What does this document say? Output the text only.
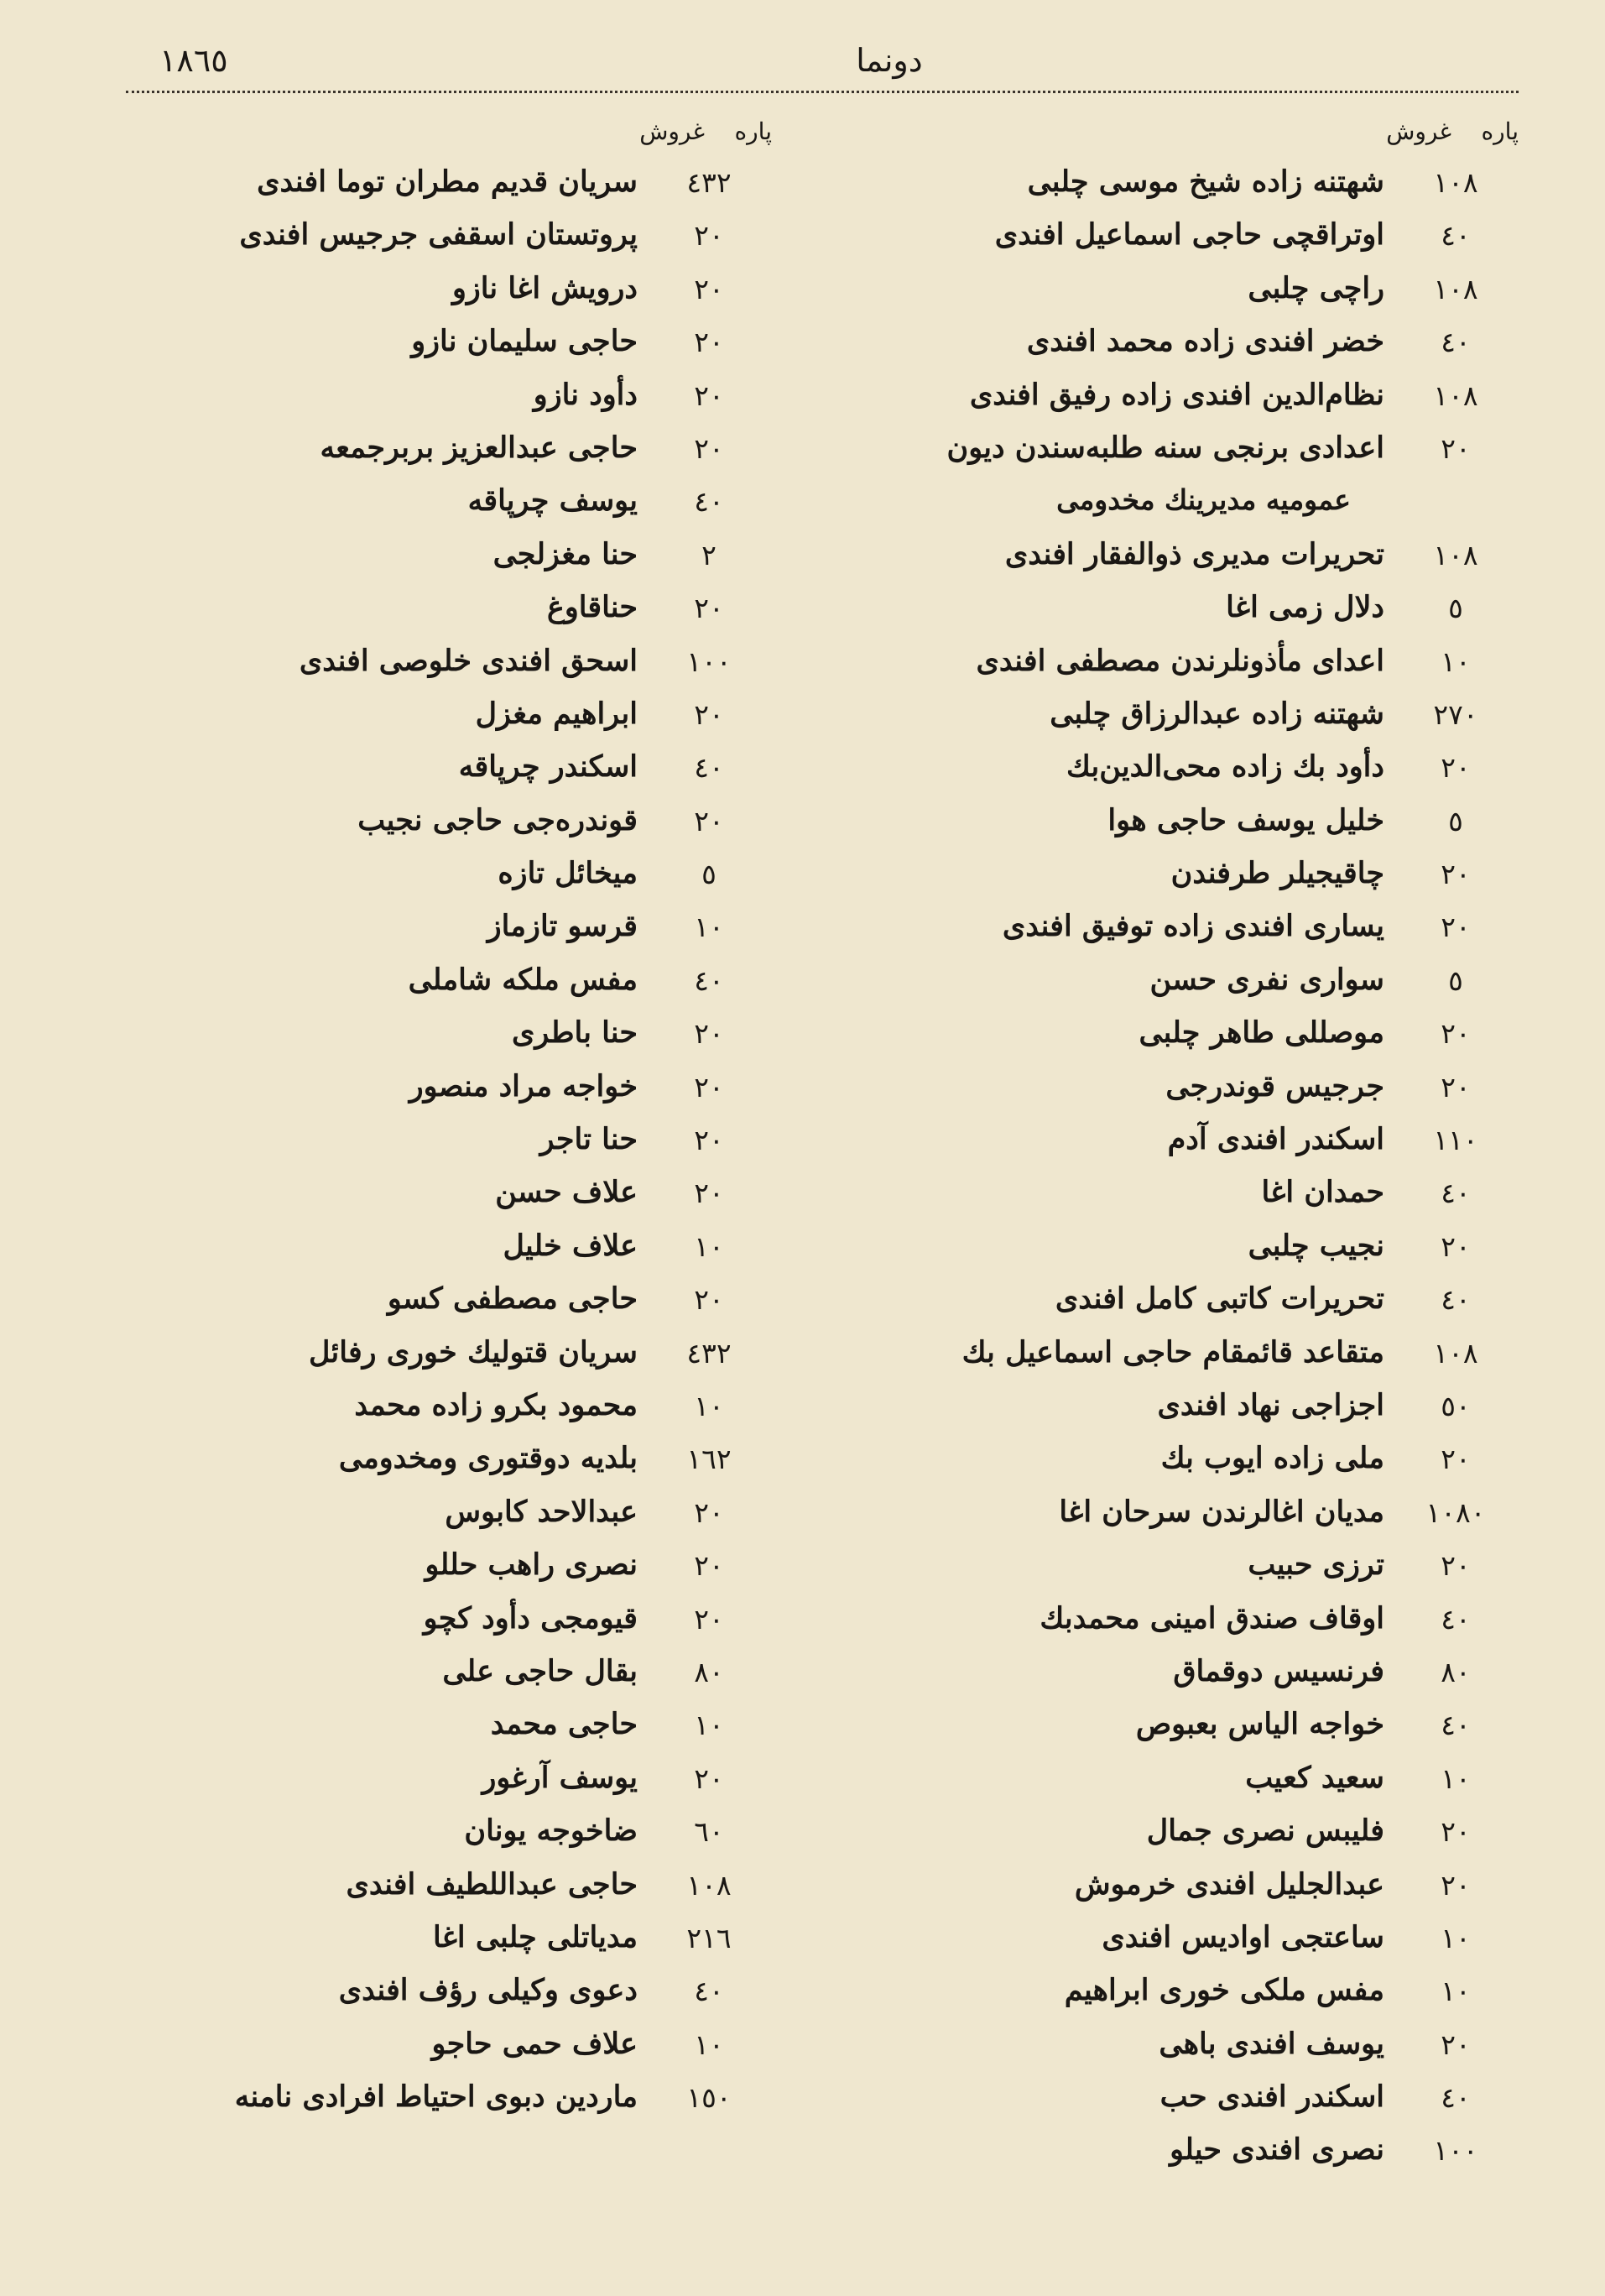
١٨٦٥	دونما
پاره
غروش
١٠٨
شهتنه زاده شيخ موسى چلبى
٤٠
اوتراقچى حاجى اسماعيل افندى
١٠٨
راچى چلبى
٤٠
خضر افندى زاده محمد افندى
١٠٨
نظام‌الدين افندى زاده رفيق افندى
٢٠
اعدادى برنجى سنه طلبه‌سندن ديون
عموميه مديرينك مخدومى
١٠٨
تحريرات مديرى ذوالفقار افندى
٥
دلال زمى اغا
١٠
اعداى مأذونلرندن مصطفى افندى
٢٧٠
شهتنه زاده عبدالرزاق چلبى
٢٠
دأود بك زاده محى‌الدين‌بك
٥
خليل يوسف حاجى هوا
٢٠
چاقيجيلر طرفندن
٢٠
يسارى افندى زاده توفيق افندى
٥
سوارى نفرى حسن
٢٠
موصللى طاهر چلبى
٢٠
جرجيس قوندرجى
١١٠
اسكندر افندى آدم
٤٠
حمدان اغا
٢٠
نجيب چلبى
٤٠
تحريرات كاتبى كامل افندى
١٠٨
متقاعد قائمقام حاجى اسماعيل بك
٥٠
اجزاجى نهاد افندى
٢٠
ملى زاده ايوب بك
١٠٨٠
مديان اغالرندن سرحان اغا
٢٠
ترزى حبيب
٤٠
اوقاف صندق امينى محمدبك
٨٠
فرنسيس دوقماق
٤٠
خواجه الياس بعبوص
١٠
سعيد كعيب
٢٠
فليبس نصرى جمال
٢٠
عبدالجليل افندى خرموش
١٠
ساعتجى اواديس افندى
١٠
مفس ملكى خورى ابراهيم
٢٠
يوسف افندى باهى
٤٠
اسكندر افندى حب
١٠٠
نصرى افندى حيلو
پاره
غروش
٤٣٢
سريان قديم مطران توما افندى
٢٠
پروتستان اسقفى جرجيس افندى
٢٠
درويش اغا نازو
٢٠
حاجى سليمان نازو
٢٠
دأود نازو
٢٠
حاجى عبدالعزيز بربرجمعه
٤٠
يوسف چرپاقه
٢
حنا مغزلجى
٢٠
حناقاوغ
١٠٠
اسحق افندى خلوصى افندى
٢٠
ابراهيم مغزل
٤٠
اسكندر چرپاقه
٢٠
قوندره‌جى حاجى نجيب
٥
ميخائل تازه
١٠
قرسو تازماز
٤٠
مفس ملكه شاملى
٢٠
حنا باطرى
٢٠
خواجه مراد منصور
٢٠
حنا تاجر
٢٠
علاف حسن
١٠
علاف خليل
٢٠
حاجى مصطفى كسو
٤٣٢
سريان قتوليك خورى رفائل
١٠
محمود بكرو زاده محمد
١٦٢
بلديه دوقتورى ومخدومى
٢٠
عبدالاحد كابوس
٢٠
نصرى راهب حللو
٢٠
قيومجى دأود كچو
٨٠
بقال حاجى على
١٠
حاجى محمد
٢٠
يوسف آرغور
٦٠
ضاخوجه يونان
١٠٨
حاجى عبداللطيف افندى
٢١٦
مدياتلى چلبى اغا
٤٠
دعوى وكيلى رؤف افندى
١٠
علاف حمى حاجو
١٥٠
ماردين دبوى احتياط افرادى نامنه
